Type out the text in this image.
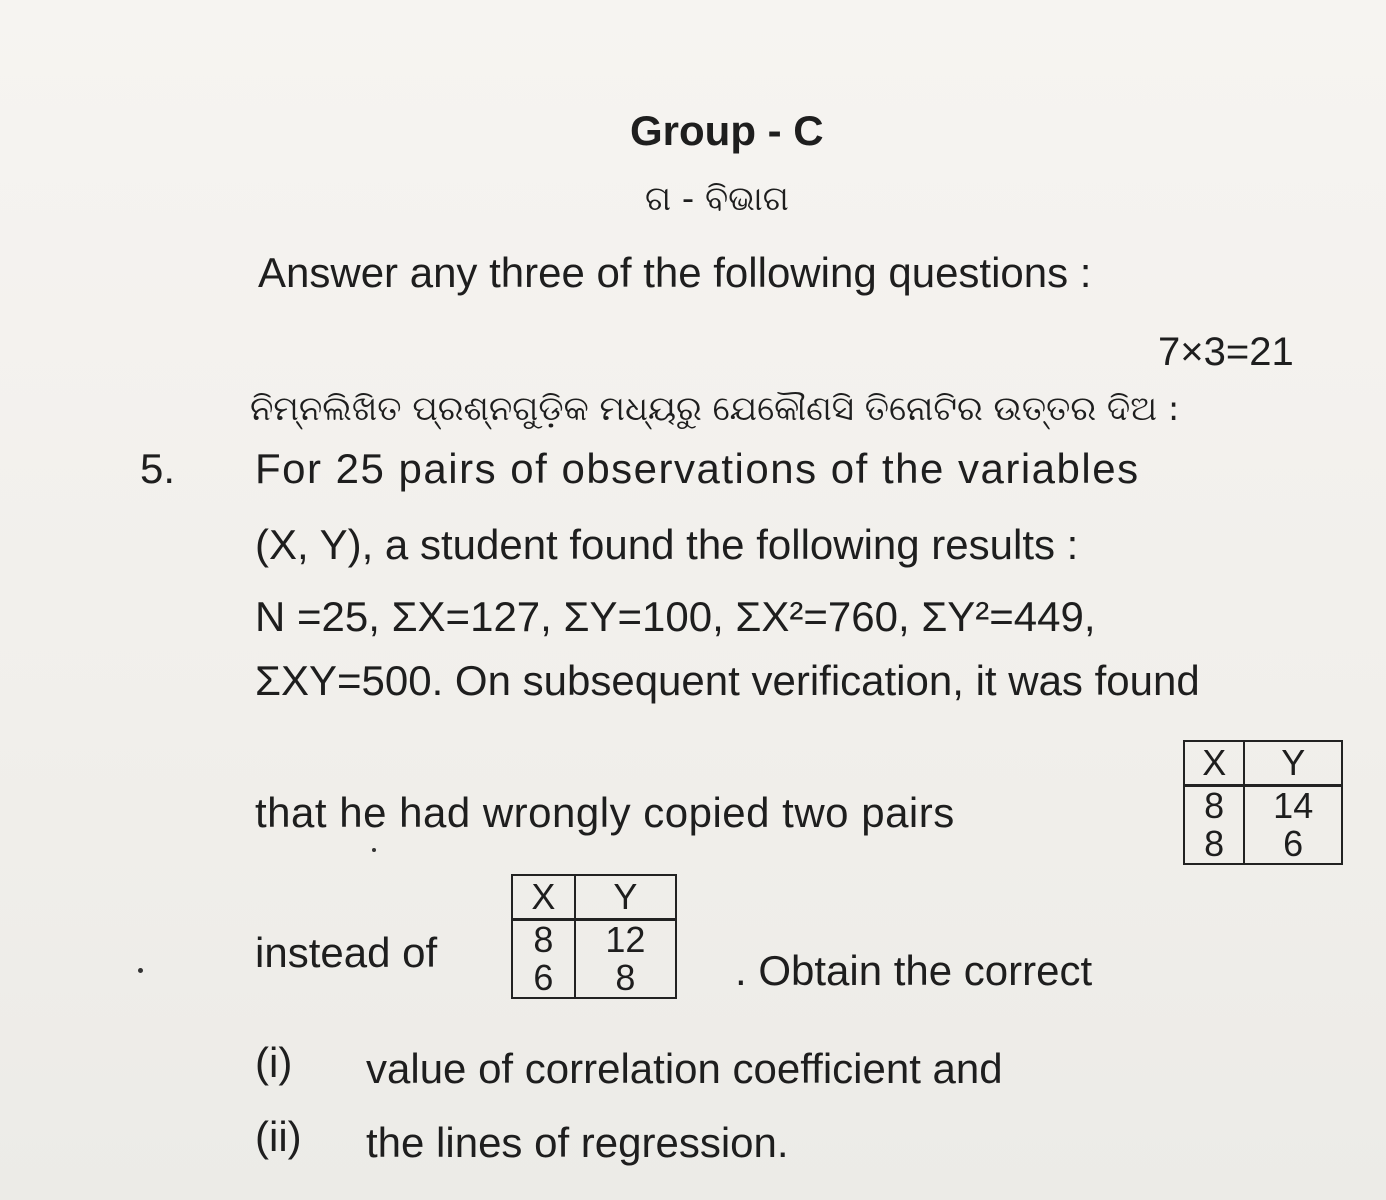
Group - C
ଗ - ବିଭାଗ
Answer any three of the following questions :
7×3=21
ନିମ୍ନଲିଖିତ ପ୍ରଶ୍ନଗୁଡ଼ିକ ମଧ୍ୟରୁ ଯେକୌଣସି ତିନୋଟିର ଉତ୍ତର ଦିଅ :
5. For 25 pairs of observations of the variables
(X, Y), a student found the following results :
N =25, ΣX=127, ΣY=100, ΣX²=760, ΣY²=449,
ΣXY=500. On subsequent verification, it was found
that he had wrongly copied two pairs
X	Y
8	14
8	6
instead of
X	Y
8	12
6	8 . Obtain the correct
(i) value of correlation coefficient and
(ii) the lines of regression.
